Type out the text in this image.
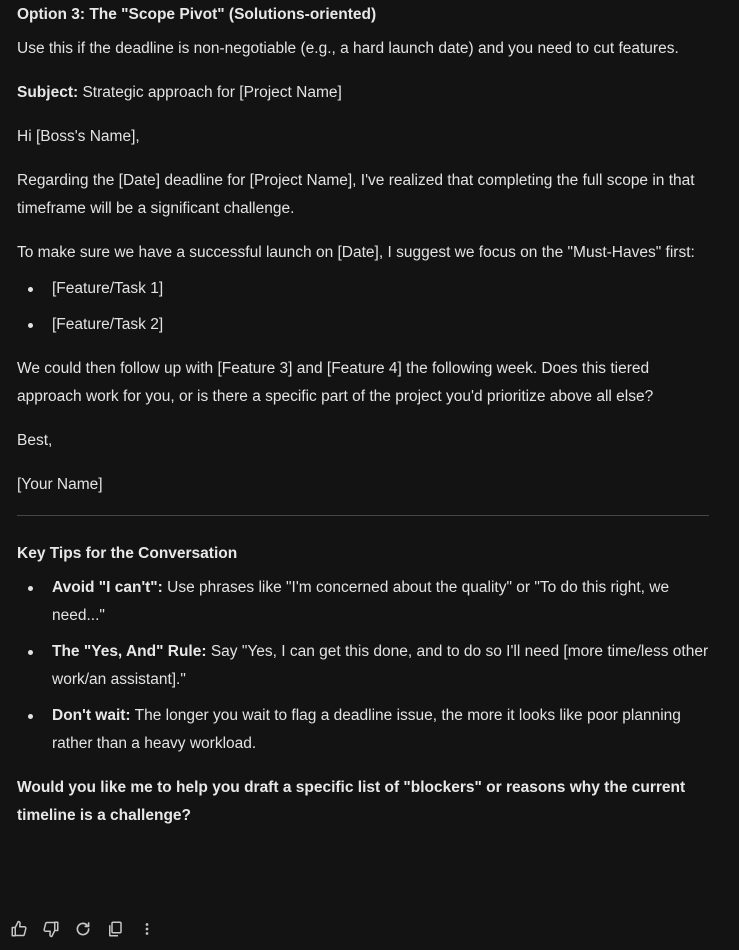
Option 3: The "Scope Pivot" (Solutions-oriented)

Use this if the deadline is non-negotiable (e.g., a hard launch date) and you need to cut features.

Subject: Strategic approach for [Project Name]

Hi [Boss's Name],

Regarding the [Date] deadline for [Project Name], I've realized that completing the full scope in that timeframe will be a significant challenge.

To make sure we have a successful launch on [Date], I suggest we focus on the "Must-Haves" first:

[Feature/Task 1]
[Feature/Task 2]

We could then follow up with [Feature 3] and [Feature 4] the following week. Does this tiered approach work for you, or is there a specific part of the project you'd prioritize above all else?

Best,

[Your Name]

Key Tips for the Conversation

Avoid "I can't": Use phrases like "I'm concerned about the quality" or "To do this right, we need..."
The "Yes, And" Rule: Say "Yes, I can get this done, and to do so I'll need [more time/less other work/an assistant]."
Don't wait: The longer you wait to flag a deadline issue, the more it looks like poor planning rather than a heavy workload.

Would you like me to help you draft a specific list of "blockers" or reasons why the current timeline is a challenge?
